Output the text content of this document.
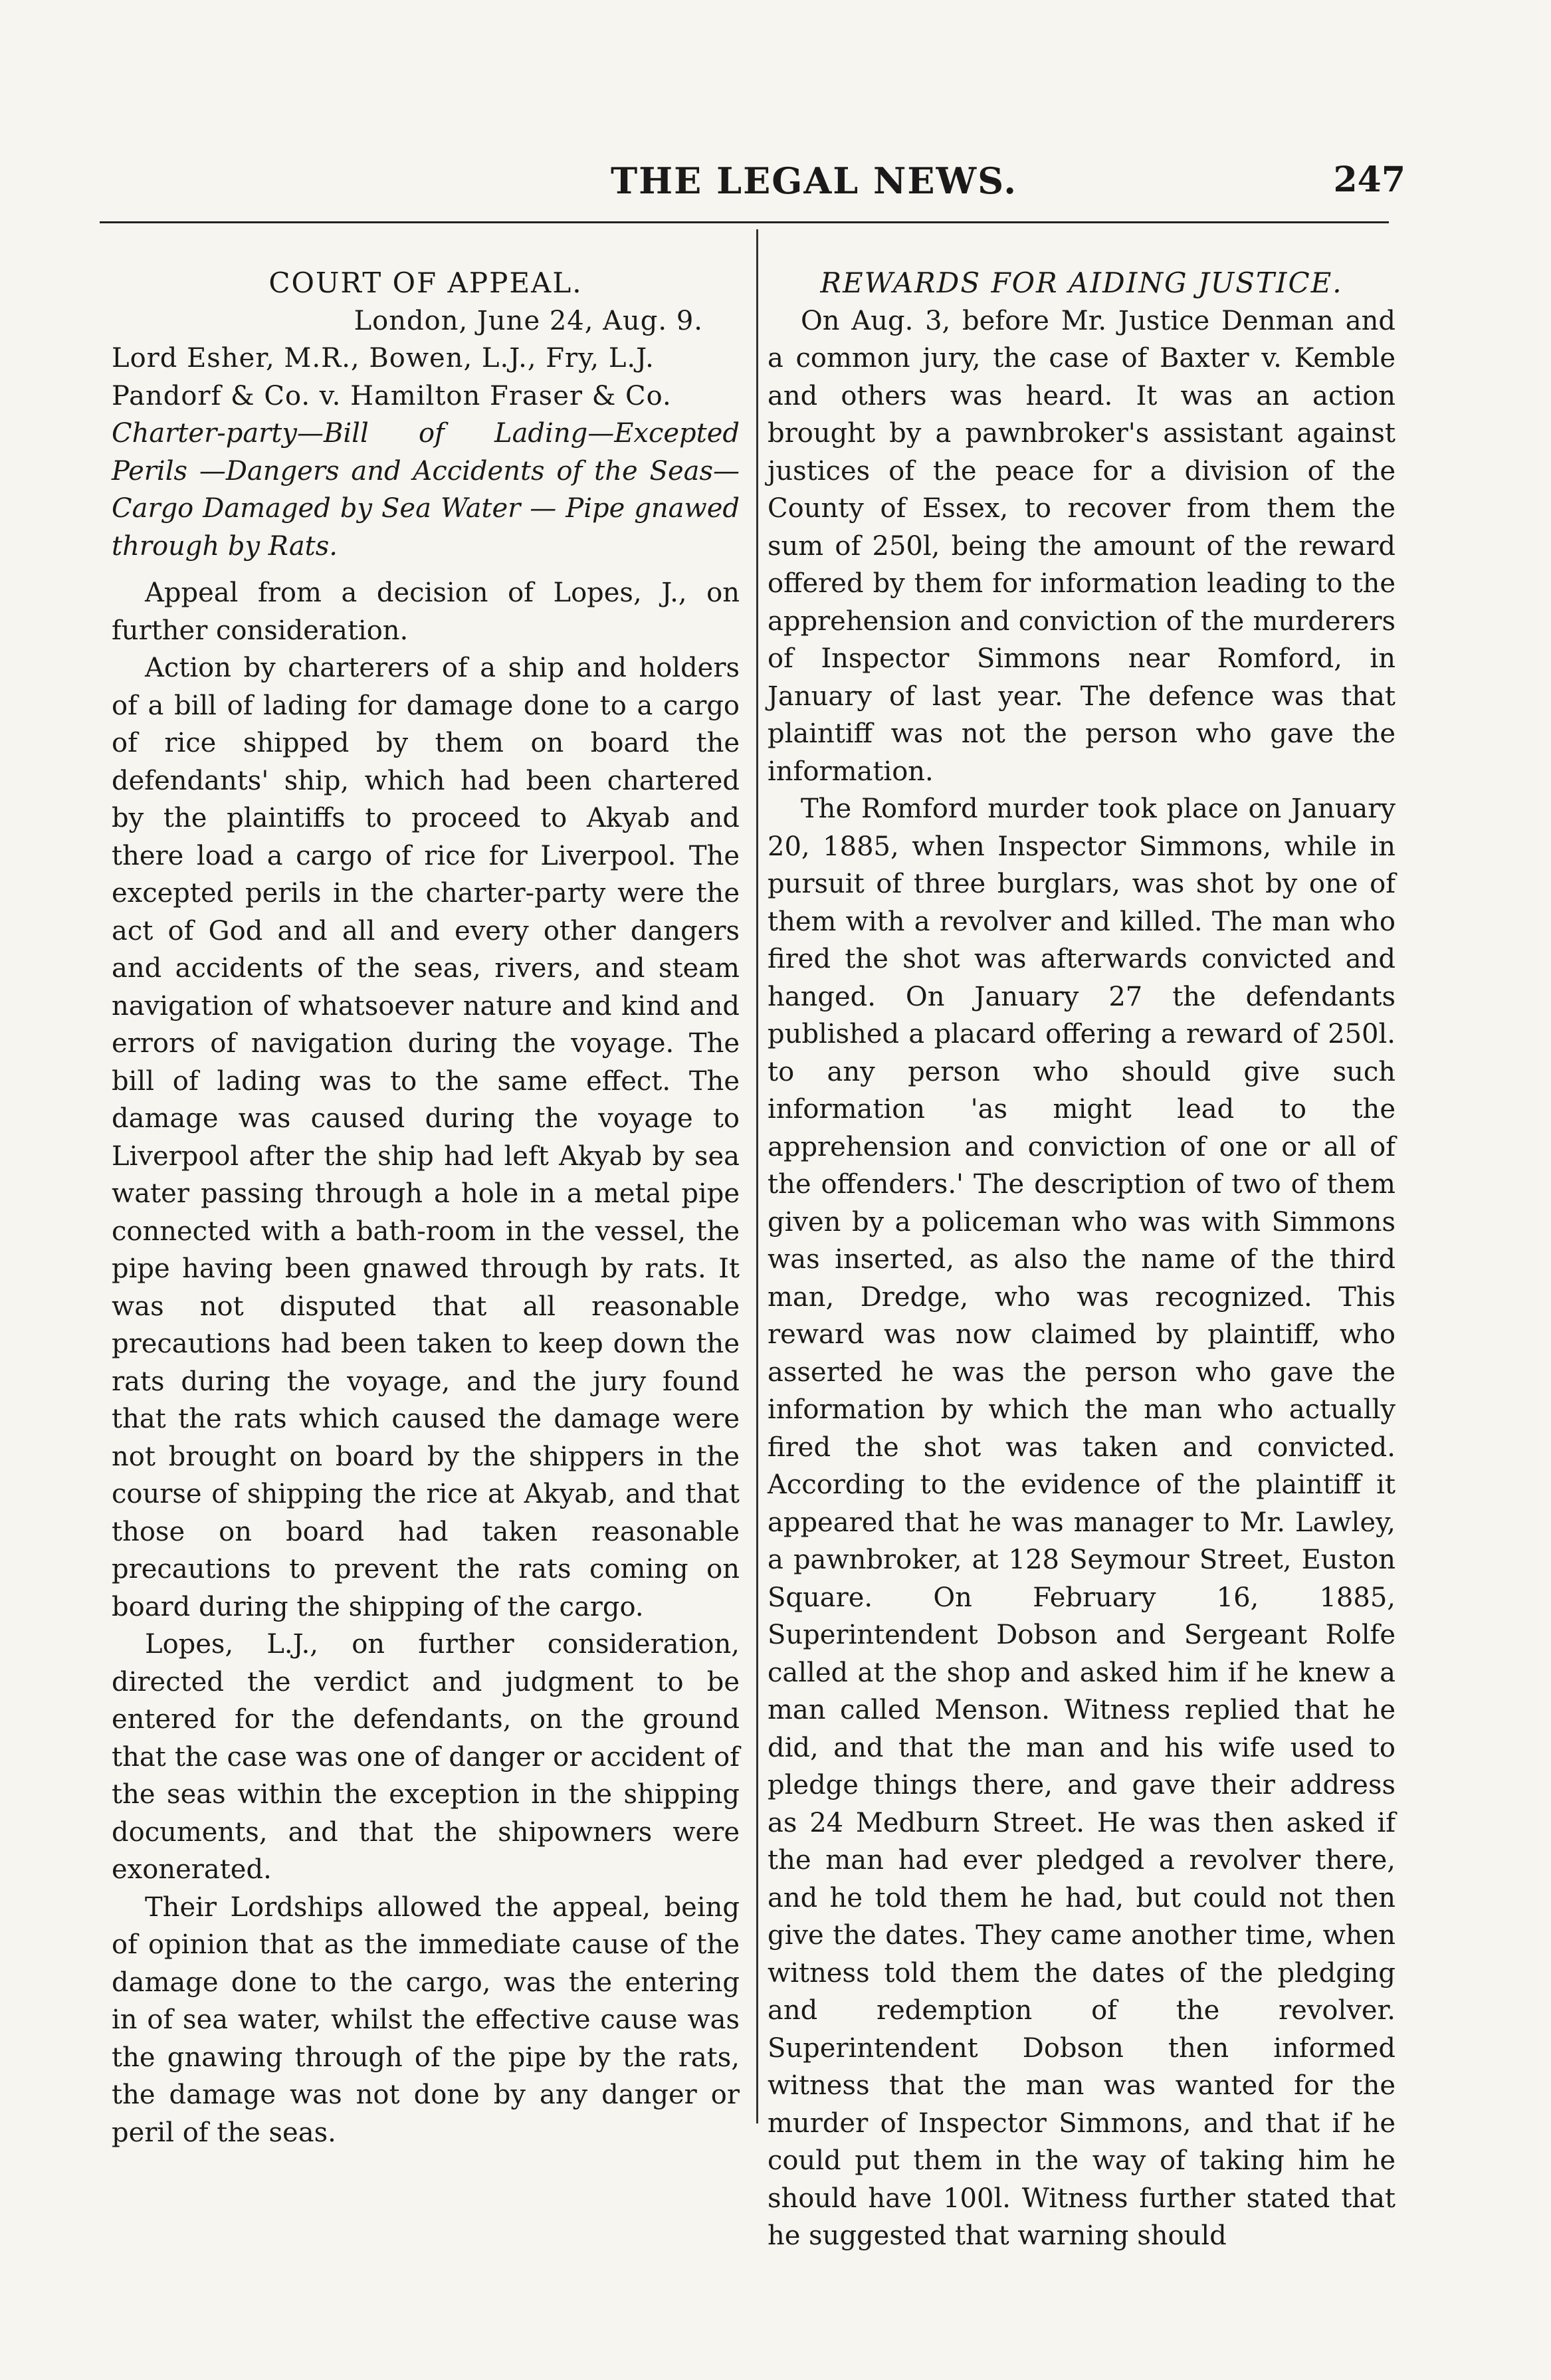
THE LEGAL NEWS.	247

COURT OF APPEAL.

London, June 24, Aug. 9.

Lord Esher, M.R., Bowen, L.J., Fry, L.J.

Pandorf & Co. v. Hamilton Fraser & Co.

Charter-party—Bill of Lading—Excepted Perils —Dangers and Accidents of the Seas— Cargo Damaged by Sea Water — Pipe gnawed through by Rats.

Appeal from a decision of Lopes, J., on further consideration.

Action by charterers of a ship and holders of a bill of lading for damage done to a cargo of rice shipped by them on board the defendants' ship, which had been chartered by the plaintiffs to proceed to Akyab and there load a cargo of rice for Liverpool. The excepted perils in the charter-party were the act of God and all and every other dangers and accidents of the seas, rivers, and steam navigation of whatsoever nature and kind and errors of navigation during the voyage. The bill of lading was to the same effect. The damage was caused during the voyage to Liverpool after the ship had left Akyab by sea water passing through a hole in a metal pipe connected with a bath-room in the vessel, the pipe having been gnawed through by rats. It was not disputed that all reasonable precautions had been taken to keep down the rats during the voyage, and the jury found that the rats which caused the damage were not brought on board by the shippers in the course of shipping the rice at Akyab, and that those on board had taken reasonable precautions to prevent the rats coming on board during the shipping of the cargo.

Lopes, L.J., on further consideration, directed the verdict and judgment to be entered for the defendants, on the ground that the case was one of danger or accident of the seas within the exception in the shipping documents, and that the shipowners were exonerated.

Their Lordships allowed the appeal, being of opinion that as the immediate cause of the damage done to the cargo, was the entering in of sea water, whilst the effective cause was the gnawing through of the pipe by the rats, the damage was not done by any danger or peril of the seas.

REWARDS FOR AIDING JUSTICE.

On Aug. 3, before Mr. Justice Denman and a common jury, the case of Baxter v. Kemble and others was heard. It was an action brought by a pawnbroker's assistant against justices of the peace for a division of the County of Essex, to recover from them the sum of 250l, being the amount of the reward offered by them for information leading to the apprehension and conviction of the murderers of Inspector Simmons near Romford, in January of last year. The defence was that plaintiff was not the person who gave the information.

The Romford murder took place on January 20, 1885, when Inspector Simmons, while in pursuit of three burglars, was shot by one of them with a revolver and killed. The man who fired the shot was afterwards convicted and hanged. On January 27 the defendants published a placard offering a reward of 250l. to any person who should give such information 'as might lead to the apprehension and conviction of one or all of the offenders.' The description of two of them given by a policeman who was with Simmons was inserted, as also the name of the third man, Dredge, who was recognized. This reward was now claimed by plaintiff, who asserted he was the person who gave the information by which the man who actually fired the shot was taken and convicted. According to the evidence of the plaintiff it appeared that he was manager to Mr. Lawley, a pawnbroker, at 128 Seymour Street, Euston Square. On February 16, 1885, Superintendent Dobson and Sergeant Rolfe called at the shop and asked him if he knew a man called Menson. Witness replied that he did, and that the man and his wife used to pledge things there, and gave their address as 24 Medburn Street. He was then asked if the man had ever pledged a revolver there, and he told them he had, but could not then give the dates. They came another time, when witness told them the dates of the pledging and redemption of the revolver. Superintendent Dobson then informed witness that the man was wanted for the murder of Inspector Simmons, and that if he could put them in the way of taking him he should have 100l. Witness further stated that he suggested that warning should
